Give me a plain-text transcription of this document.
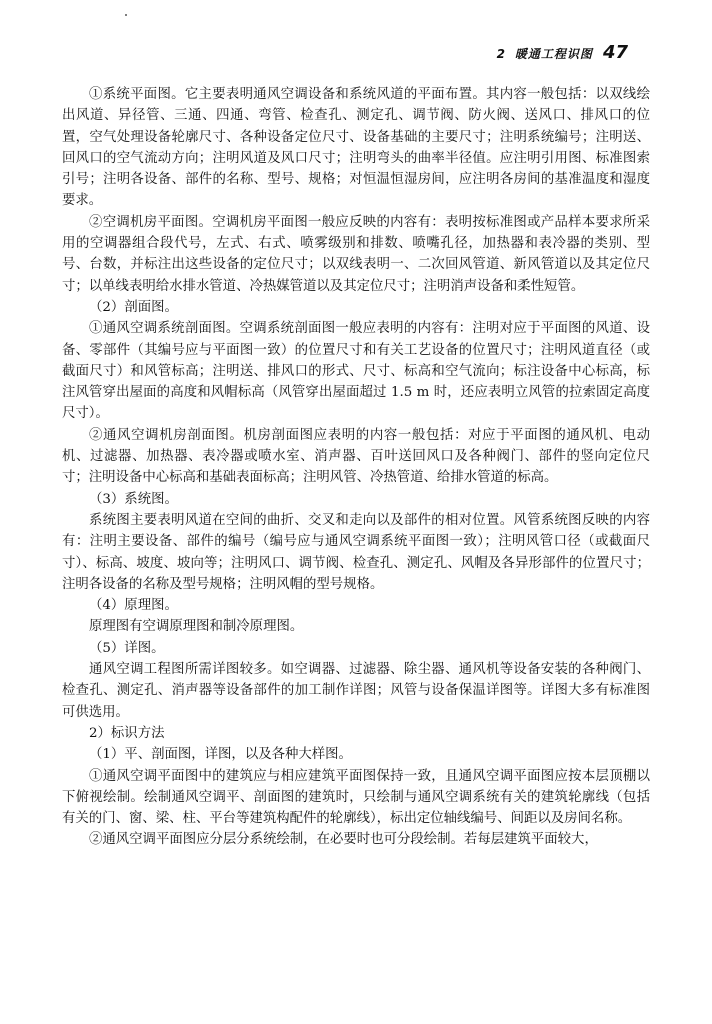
2 暖通工程识图 47

①系统平面图。它主要表明通风空调设备和系统风道的平面布置。其内容一般包括：以双线绘出风道、异径管、三通、四通、弯管、检查孔、测定孔、调节阀、防火阀、送风口、排风口的位置，空气处理设备轮廓尺寸、各种设备定位尺寸、设备基础的主要尺寸；注明系统编号；注明送、回风口的空气流动方向；注明风道及风口尺寸；注明弯头的曲率半径值。应注明引用图、标准图索引号；注明各设备、部件的名称、型号、规格；对恒温恒湿房间，应注明各房间的基准温度和湿度要求。

②空调机房平面图。空调机房平面图一般应反映的内容有：表明按标准图或产品样本要求所采用的空调器组合段代号，左式、右式、喷雾级别和排数、喷嘴孔径，加热器和表冷器的类别、型号、台数，并标注出这些设备的定位尺寸；以双线表明一、二次回风管道、新风管道以及其定位尺寸；以单线表明给水排水管道、冷热媒管道以及其定位尺寸；注明消声设备和柔性短管。

（2）剖面图。

①通风空调系统剖面图。空调系统剖面图一般应表明的内容有：注明对应于平面图的风道、设备、零部件（其编号应与平面图一致）的位置尺寸和有关工艺设备的位置尺寸；注明风道直径（或截面尺寸）和风管标高；注明送、排风口的形式、尺寸、标高和空气流向；标注设备中心标高，标注风管穿出屋面的高度和风帽标高（风管穿出屋面超过 1.5 m 时，还应表明立风管的拉索固定高度尺寸）。

②通风空调机房剖面图。机房剖面图应表明的内容一般包括：对应于平面图的通风机、电动机、过滤器、加热器、表冷器或喷水室、消声器、百叶送回风口及各种阀门、部件的竖向定位尺寸；注明设备中心标高和基础表面标高；注明风管、冷热管道、给排水管道的标高。

（3）系统图。

系统图主要表明风道在空间的曲折、交叉和走向以及部件的相对位置。风管系统图反映的内容有：注明主要设备、部件的编号（编号应与通风空调系统平面图一致）；注明风管口径（或截面尺寸）、标高、坡度、坡向等；注明风口、调节阀、检查孔、测定孔、风帽及各异形部件的位置尺寸；注明各设备的名称及型号规格；注明风帽的型号规格。

（4）原理图。

原理图有空调原理图和制冷原理图。

（5）详图。

通风空调工程图所需详图较多。如空调器、过滤器、除尘器、通风机等设备安装的各种阀门、检查孔、测定孔、消声器等设备部件的加工制作详图；风管与设备保温详图等。详图大多有标准图可供选用。

2）标识方法

（1）平、剖面图，详图，以及各种大样图。

①通风空调平面图中的建筑应与相应建筑平面图保持一致，且通风空调平面图应按本层顶棚以下俯视绘制。绘制通风空调平、剖面图的建筑时，只绘制与通风空调系统有关的建筑轮廓线（包括有关的门、窗、梁、柱、平台等建筑构配件的轮廓线），标出定位轴线编号、间距以及房间名称。

②通风空调平面图应分层分系统绘制，在必要时也可分段绘制。若每层建筑平面较大，
